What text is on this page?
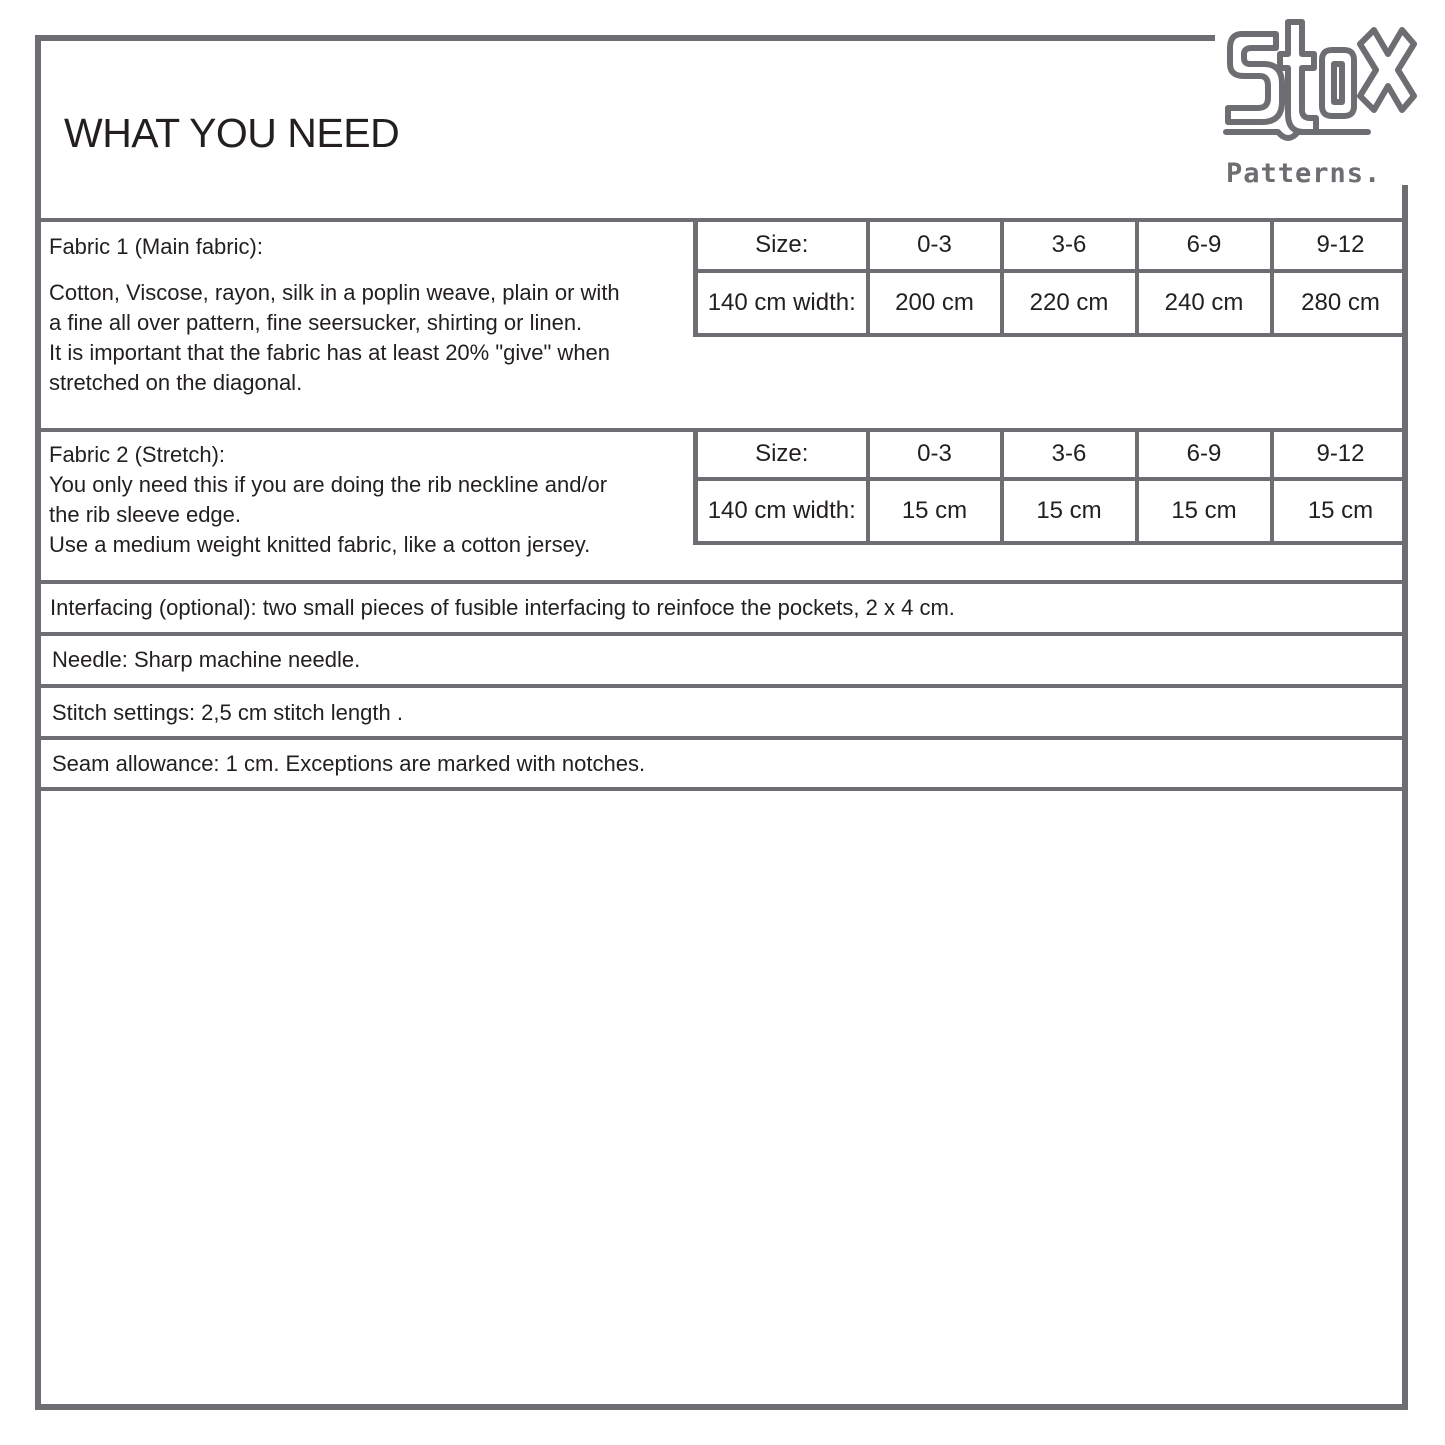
WHAT YOU NEED
Patterns.

Fabric 1 (Main fabric):

Cotton, Viscose, rayon, silk in a poplin weave, plain or with

a fine all over pattern, fine seersucker, shirting or linen.

It is important that the fabric has at least 20% "give" when

stretched on the diagonal.

Size:	0-3	3-6	6-9	9-12
140 cm width:	200 cm	220 cm	240 cm	280 cm

Fabric 2 (Stretch):

You only need this if you are doing the rib neckline and/or

the rib sleeve edge.

Use a medium weight knitted fabric, like a cotton jersey.

Size:	0-3	3-6	6-9	9-12
140 cm width:	15 cm	15 cm	15 cm	15 cm
Interfacing (optional): two small pieces of fusible interfacing to reinfoce the pockets, 2 x 4 cm.
Needle: Sharp machine needle.
Stitch settings: 2,5 cm stitch length .
Seam allowance: 1 cm. Exceptions are marked with notches.
